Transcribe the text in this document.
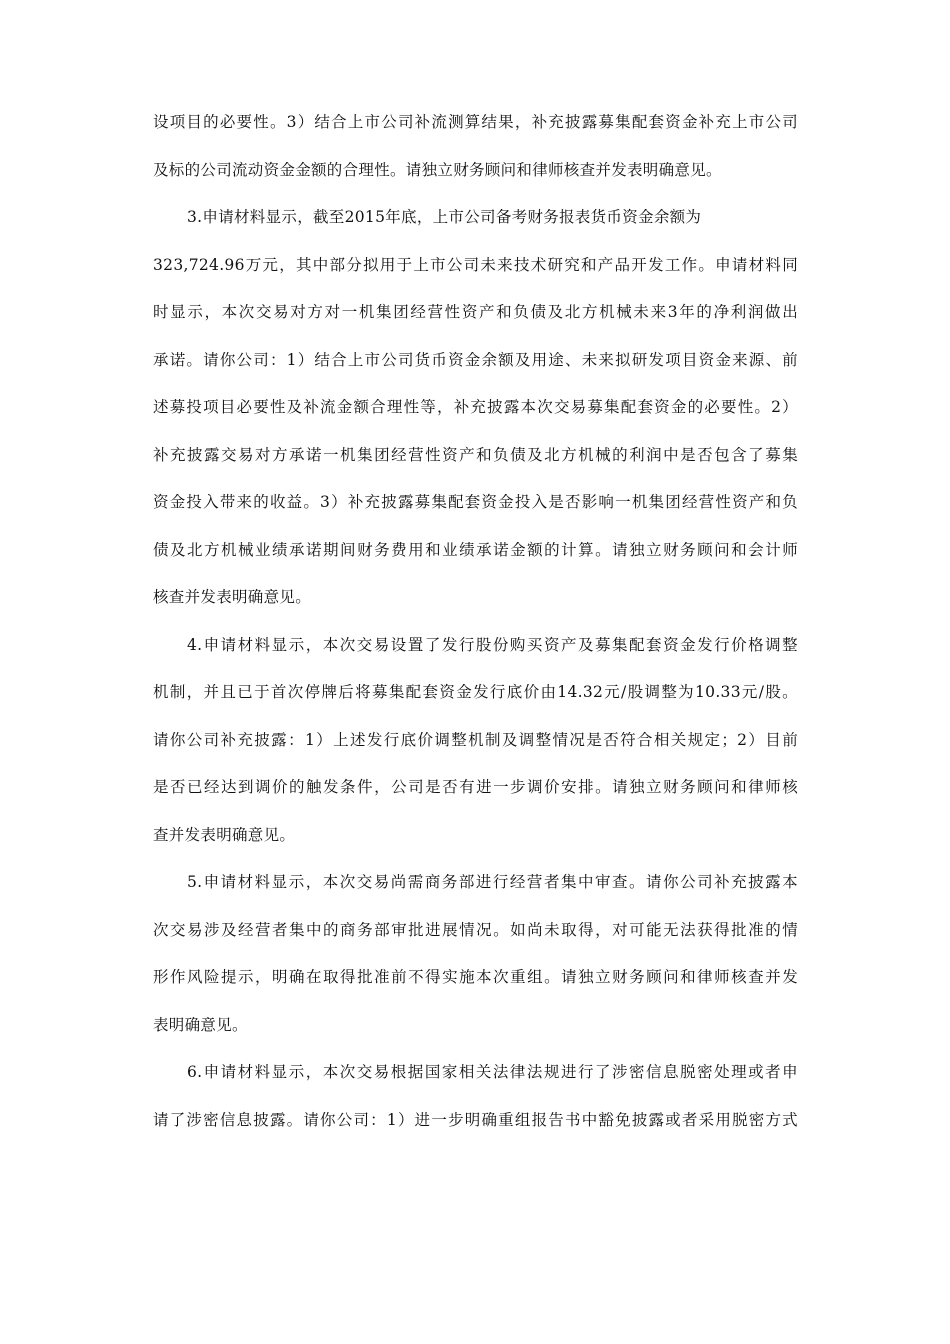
设项目的必要性。3）结合上市公司补流测算结果，补充披露募集配套资金补充上市公司
及标的公司流动资金金额的合理性。请独立财务顾问和律师核查并发表明确意见。
3.申请材料显示，截至2015年底，上市公司备考财务报表货币资金余额为
323,724.96万元，其中部分拟用于上市公司未来技术研究和产品开发工作。申请材料同
时显示，本次交易对方对一机集团经营性资产和负债及北方机械未来3年的净利润做出
承诺。请你公司：1）结合上市公司货币资金余额及用途、未来拟研发项目资金来源、前
述募投项目必要性及补流金额合理性等，补充披露本次交易募集配套资金的必要性。2）
补充披露交易对方承诺一机集团经营性资产和负债及北方机械的利润中是否包含了募集
资金投入带来的收益。3）补充披露募集配套资金投入是否影响一机集团经营性资产和负
债及北方机械业绩承诺期间财务费用和业绩承诺金额的计算。请独立财务顾问和会计师
核查并发表明确意见。
4.申请材料显示，本次交易设置了发行股份购买资产及募集配套资金发行价格调整
机制，并且已于首次停牌后将募集配套资金发行底价由14.32元/股调整为10.33元/股。
请你公司补充披露：1）上述发行底价调整机制及调整情况是否符合相关规定；2）目前
是否已经达到调价的触发条件，公司是否有进一步调价安排。请独立财务顾问和律师核
查并发表明确意见。
5.申请材料显示，本次交易尚需商务部进行经营者集中审查。请你公司补充披露本
次交易涉及经营者集中的商务部审批进展情况。如尚未取得，对可能无法获得批准的情
形作风险提示，明确在取得批准前不得实施本次重组。请独立财务顾问和律师核查并发
表明确意见。
6.申请材料显示，本次交易根据国家相关法律法规进行了涉密信息脱密处理或者申
请了涉密信息披露。请你公司：1）进一步明确重组报告书中豁免披露或者采用脱密方式
